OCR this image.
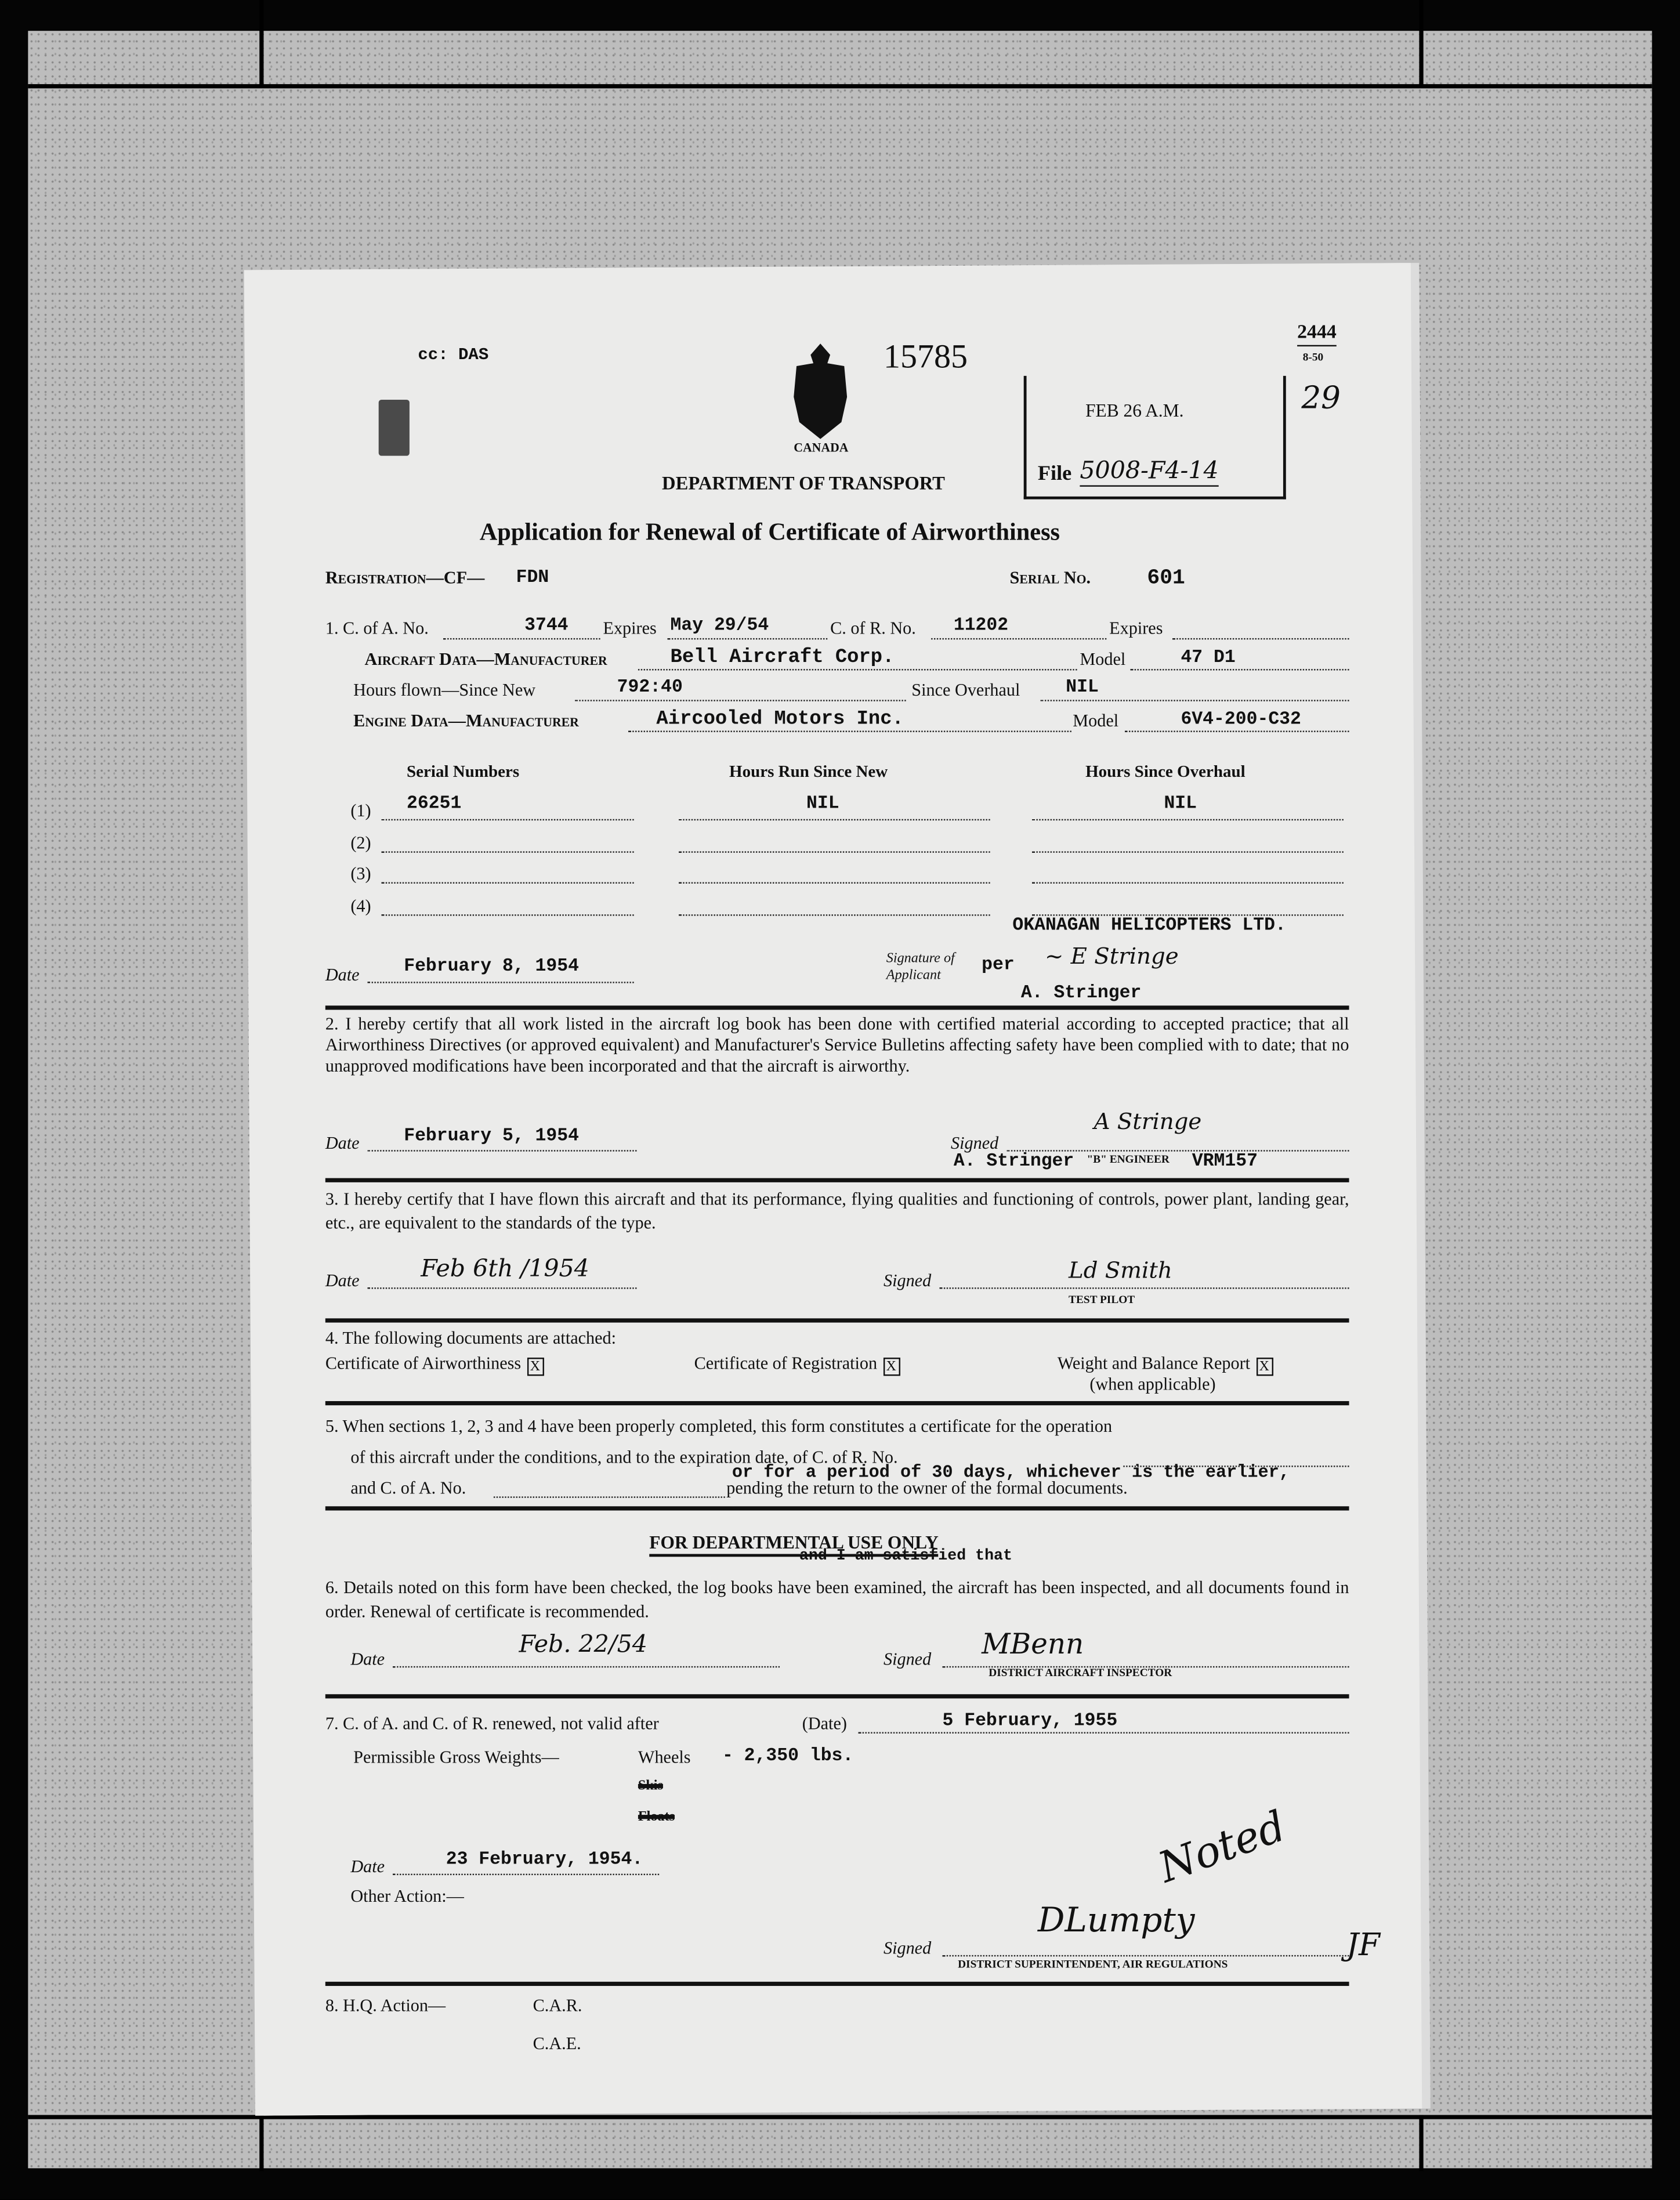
cc: DAS
CANADA
15785
FEB 26 A.M.
File 5008-F4-14
2444
8-50
29
DEPARTMENT OF TRANSPORT
Application for Renewal of Certificate of Airworthiness
Registration—CF—	FDN	Serial No.	601
1. C. of A. No.	3744	Expires May 29/54	C. of R. No.	11202	Expires
Aircraft Data—Manufacturer	Bell Aircraft Corp.	Model	47 D1
Hours flown—Since New	792:40	Since Overhaul	NIL
Engine Data—Manufacturer	Aircooled Motors Inc.	Model	6V4-200-C32
Serial Numbers	Hours Run Since New	Hours Since Overhaul
(1)	26251	NIL	NIL
(2)
(3)
(4)
OKANAGAN HELICOPTERS LTD.
Date	February 8, 1954	Signature of
Applicant
per	~ E Stringe
A. Stringer
2. I hereby certify that all work listed in the aircraft log book has been done with certified material according to accepted practice; that all Airworthiness Directives (or approved equivalent) and Manufacturer's Service Bulletins affecting safety have been complied with to date; that no unapproved modifications have been incorporated and that the aircraft is airworthy.
Date	February 5, 1954	Signed
A Stringe
A. Stringer	"B" ENGINEER	VRM157
3. I hereby certify that I have flown this aircraft and that its performance, flying qualities and functioning of controls, power plant, landing gear, etc., are equivalent to the standards of the type.
Date	Feb 6th /1954	Signed	Ld Smith
TEST PILOT
4. The following documents are attached:
Certificate of Airworthiness X	Certificate of Registration X	Weight and Balance Report X
(when applicable)
5. When sections 1, 2, 3 and 4 have been properly completed, this form constitutes a certificate for the operation
of this aircraft under the conditions, and to the expiration date, of C. of R. No.
or for a period of 30 days, whichever is the earlier,
and C. of A. No.	pending the return to the owner of the formal documents.
FOR DEPARTMENTAL USE ONLY
and I am satisfied that
6. Details noted on this form have been checked, the log books have been examined, the aircraft has been inspected, and all documents found in order. Renewal of certificate is recommended.
Date	Feb. 22/54	Signed	MBenn
DISTRICT AIRCRAFT INSPECTOR
7. C. of A. and C. of R. renewed, not valid after	(Date)	5 February, 1955
Permissible Gross Weights—	Wheels	- 2,350 lbs.
Skis
Floats
Date	23 February, 1954.
Other Action:—
Noted
DLumpty
JF
Signed
DISTRICT SUPERINTENDENT, AIR REGULATIONS
8. H.Q. Action—	C.A.R.
C.A.E.
